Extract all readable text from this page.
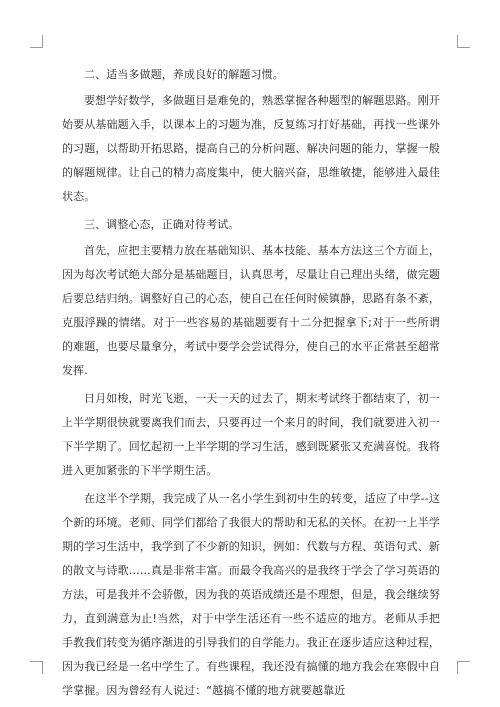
二、适当多做题，养成良好的解题习惯。

要想学好数学，多做题目是难免的，熟悉掌握各种题型的解题思路。刚开始要从基础题入手，以课本上的习题为准，反复练习打好基础，再找一些课外的习题，以帮助开拓思路，提高自己的分析问题、解决问题的能力，掌握一般的解题规律。让自己的精力高度集中，使大脑兴奋，思维敏捷，能够进入最佳状态。

三、调整心态，正确对待考试。

首先，应把主要精力放在基础知识、基本技能、基本方法这三个方面上，因为每次考试绝大部分是基础题目，认真思考，尽量让自己理出头绪，做完题后要总结归纳。调整好自己的心态，使自己在任何时候镇静，思路有条不紊，克服浮躁的情绪。对于一些容易的基础题要有十二分把握拿下;对于一些所谓的难题，也要尽量拿分，考试中要学会尝试得分，使自己的水平正常甚至超常发挥.

日月如梭，时光飞逝，一天一天的过去了，期末考试终于都结束了，初一上半学期很快就要离我们而去，只要再过一个来月的时间，我们就要进入初一下半学期了。回忆起初一上半学期的学习生活，感到既紧张又充满喜悦。我将进入更加紧张的下半学期生活。

在这半个学期，我完成了从一名小学生到初中生的转变，适应了中学--这个新的环境。老师、同学们都给了我很大的帮助和无私的关怀。在初一上半学期的学习生活中，我学到了不少新的知识，例如：代数与方程、英语句式、新的散文与诗歌……真是非常丰富。而最令我高兴的是我终于学会了学习英语的方法，可是我并不会骄傲，因为我的英语成绩还是不理想，但是，我会继续努力，直到满意为止!当然，对于中学生活还有一些不适应的地方。老师从手把手教我们转变为循序渐进的引导我们的自学能力。我正在逐步适应这种过程，因为我已经是一名中学生了。有些课程，我还没有搞懂的地方我会在寒假中自学掌握。因为曾经有人说过：“越搞不懂的地方就要越靠近
